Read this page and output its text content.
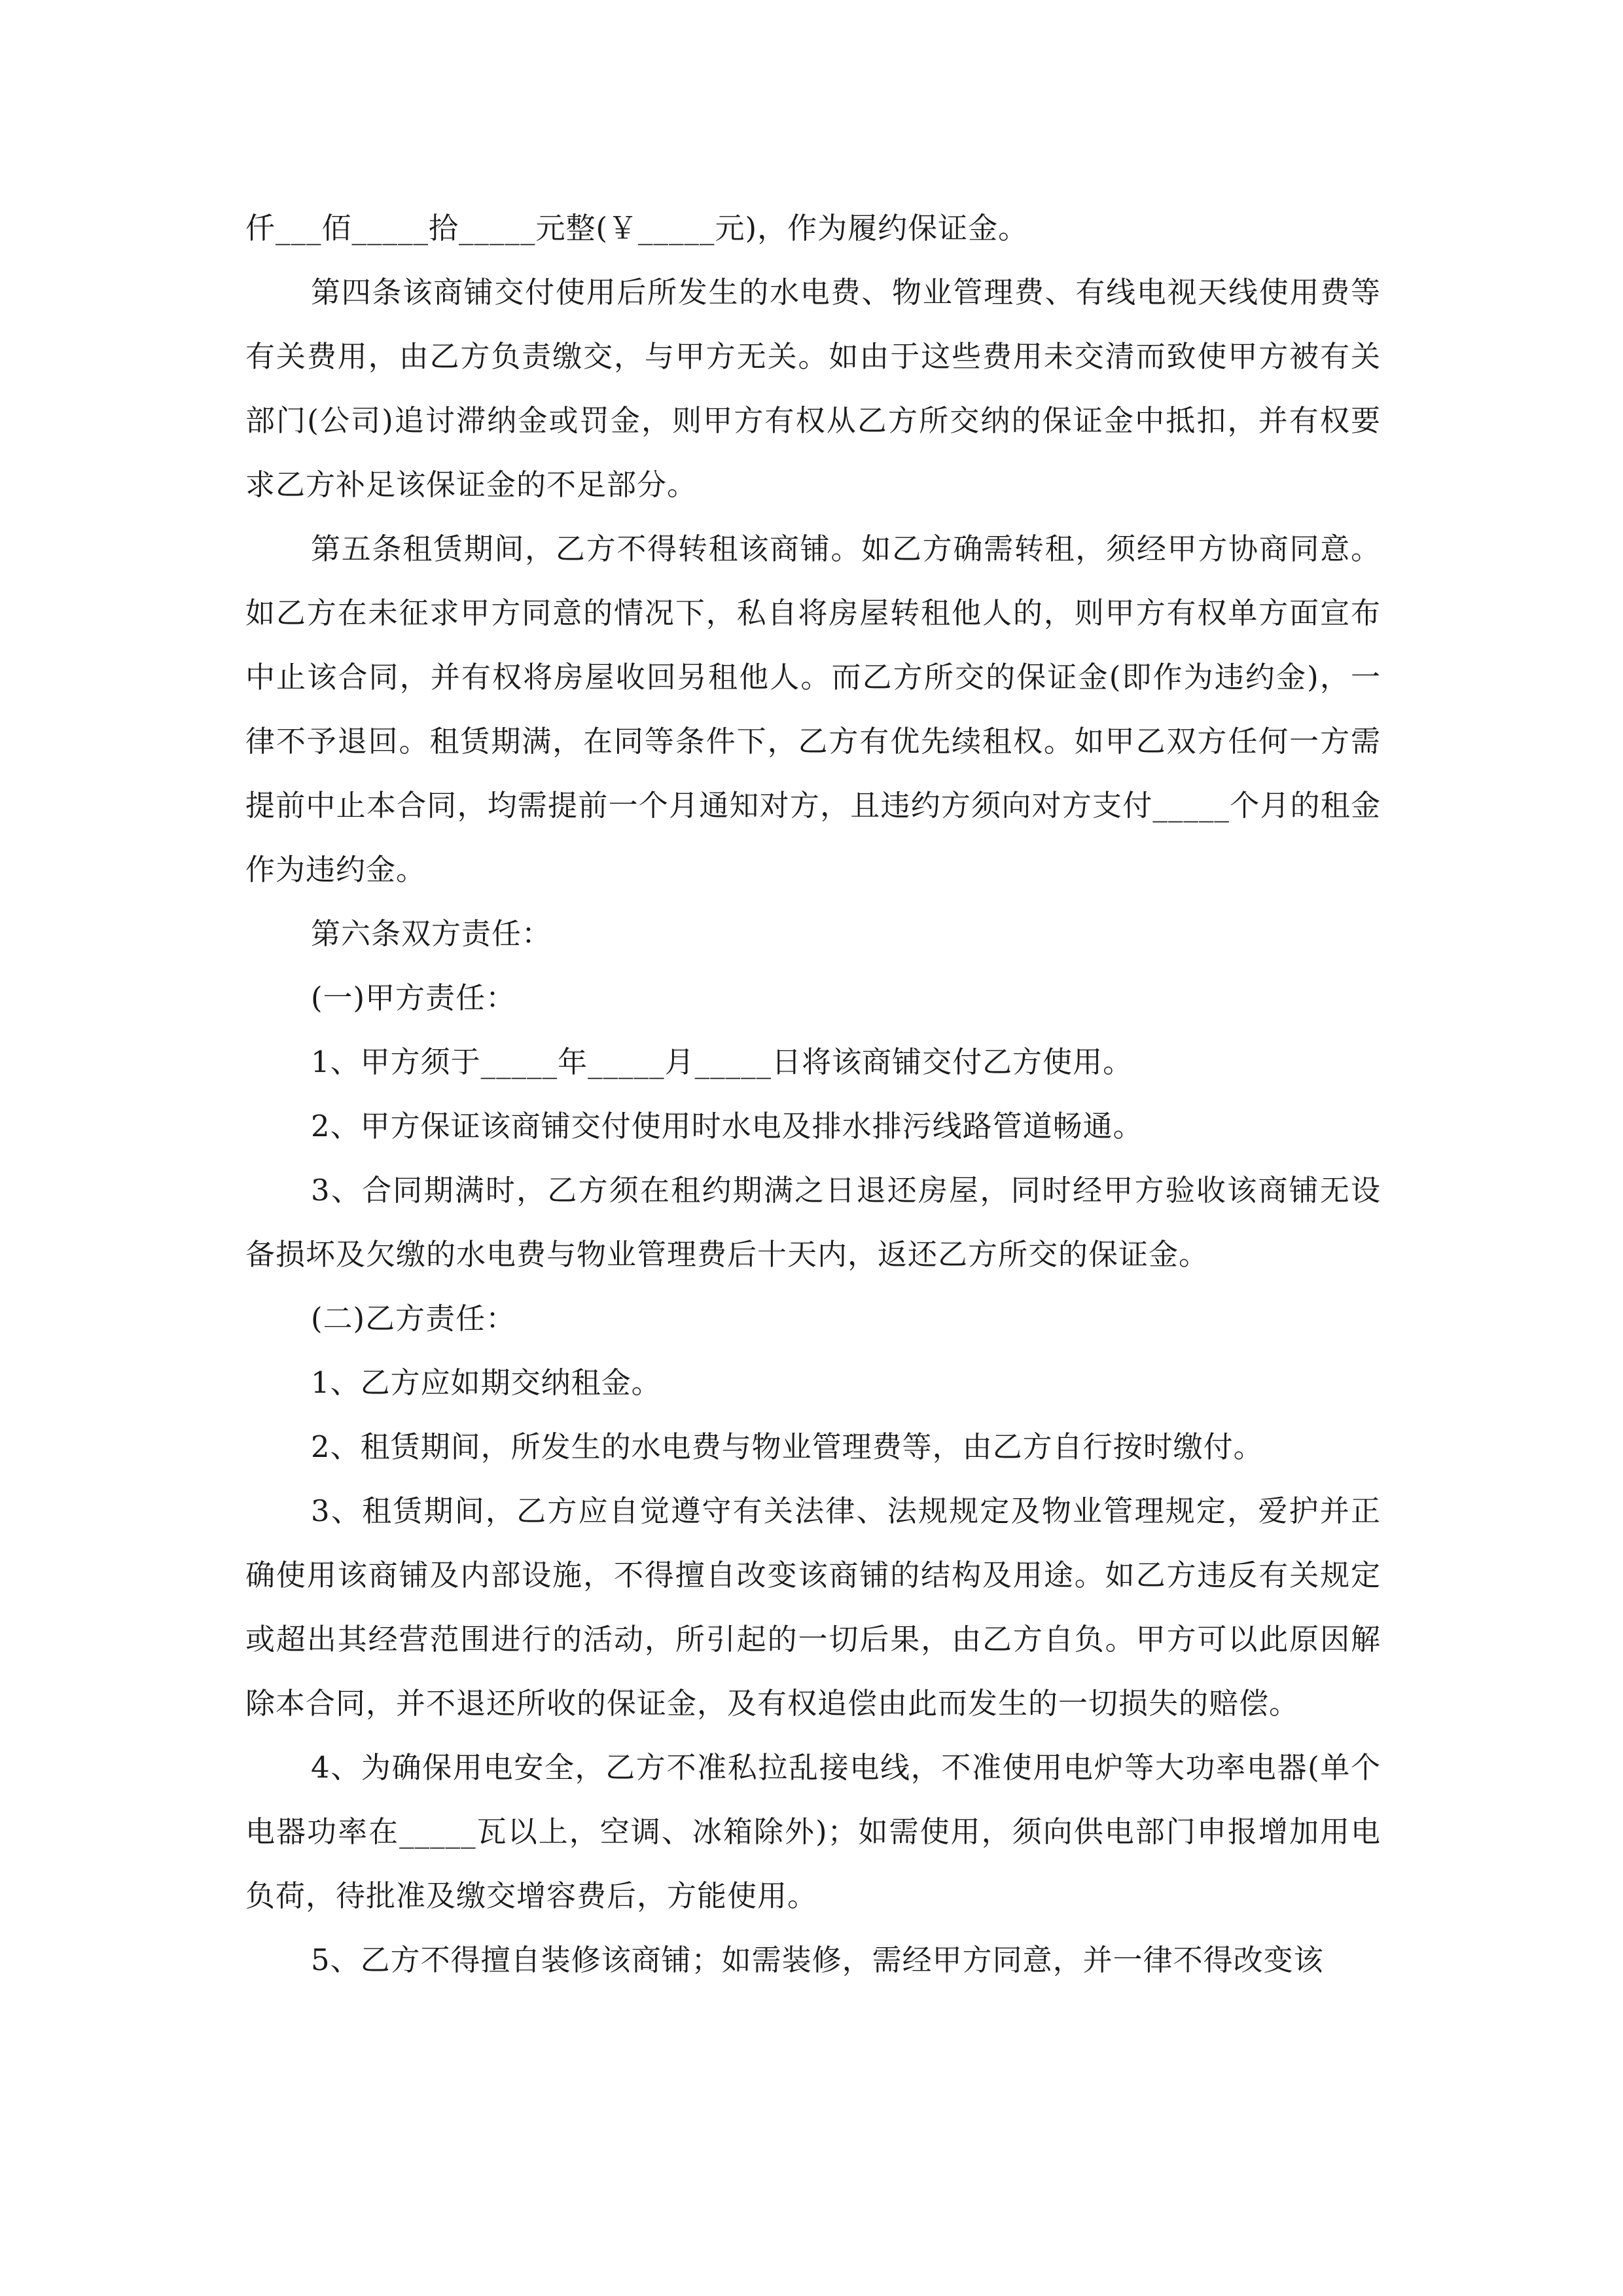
仟___佰_____拾_____元整(￥_____元)，作为履约保证金。

第四条该商铺交付使用后所发生的水电费、物业管理费、有线电视天线使用费等有关费用，由乙方负责缴交，与甲方无关。如由于这些费用未交清而致使甲方被有关部门(公司)追讨滞纳金或罚金，则甲方有权从乙方所交纳的保证金中抵扣，并有权要求乙方补足该保证金的不足部分。

第五条租赁期间，乙方不得转租该商铺。如乙方确需转租，须经甲方协商同意。如乙方在未征求甲方同意的情况下，私自将房屋转租他人的，则甲方有权单方面宣布中止该合同，并有权将房屋收回另租他人。而乙方所交的保证金(即作为违约金)，一律不予退回。租赁期满，在同等条件下，乙方有优先续租权。如甲乙双方任何一方需提前中止本合同，均需提前一个月通知对方，且违约方须向对方支付_____个月的租金作为违约金。

第六条双方责任：

(一)甲方责任：

1、甲方须于_____年_____月_____日将该商铺交付乙方使用。

2、甲方保证该商铺交付使用时水电及排水排污线路管道畅通。

3、合同期满时，乙方须在租约期满之日退还房屋，同时经甲方验收该商铺无设备损坏及欠缴的水电费与物业管理费后十天内，返还乙方所交的保证金。

(二)乙方责任：

1、乙方应如期交纳租金。

2、租赁期间，所发生的水电费与物业管理费等，由乙方自行按时缴付。

3、租赁期间，乙方应自觉遵守有关法律、法规规定及物业管理规定，爱护并正确使用该商铺及内部设施，不得擅自改变该商铺的结构及用途。如乙方违反有关规定或超出其经营范围进行的活动，所引起的一切后果，由乙方自负。甲方可以此原因解除本合同，并不退还所收的保证金，及有权追偿由此而发生的一切损失的赔偿。

4、为确保用电安全，乙方不准私拉乱接电线，不准使用电炉等大功率电器(单个电器功率在_____瓦以上，空调、冰箱除外)；如需使用，须向供电部门申报增加用电负荷，待批准及缴交增容费后，方能使用。

5、乙方不得擅自装修该商铺；如需装修，需经甲方同意，并一律不得改变该
